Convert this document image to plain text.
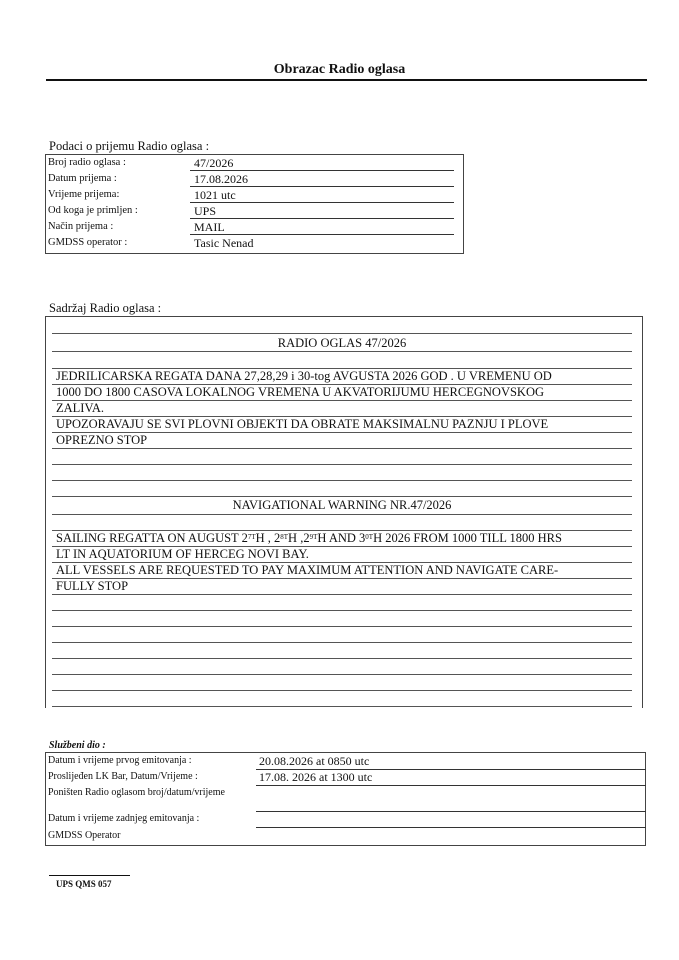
Obrazac Radio oglasa
Podaci o prijemu Radio oglasa :
Broj radio oglasa :	47/2026
Datum prijema :	17.08.2026
Vrijeme prijema:	1021 utc
Od koga je primljen :	UPS
Način prijema :	MAIL
GMDSS operator :	Tasic Nenad
Sadržaj Radio oglasa :
RADIO OGLAS 47/2026
JEDRILICARSKA REGATA DANA 27,28,29 i 30-tog AVGUSTA 2026 GOD . U VREMENU OD
1000 DO 1800 CASOVA LOKALNOG VREMENA U AKVATORIJUMU HERCEGNOVSKOG
ZALIVA.
UPOZORAVAJU SE SVI PLOVNI OBJEKTI DA OBRATE MAKSIMALNU PAZNJU I PLOVE
OPREZNO STOP
NAVIGATIONAL WARNING NR.47/2026
SAILING REGATTA ON AUGUST $2^{7T}H$ , $2^{8T}H$ $,2^{9T}H$ AND $3^{0T}H$ 2026 FROM 1000 TILL 1800 HRS
LT IN AQUATORIUM OF HERCEG NOVI BAY.
ALL VESSELS ARE REQUESTED TO PAY MAXIMUM ATTENTION AND NAVIGATE CARE-
FULLY STOP
Službeni dio :
Datum i vrijeme prvog emitovanja :	20.08.2026 at 0850 utc
Proslijeđen LK Bar, Datum/Vrijeme :	17.08. 2026 at 1300 utc
Poništen Radio oglasom broj/datum/vrijeme
Datum i vrijeme zadnjeg emitovanja :
GMDSS Operator
UPS QMS 057
